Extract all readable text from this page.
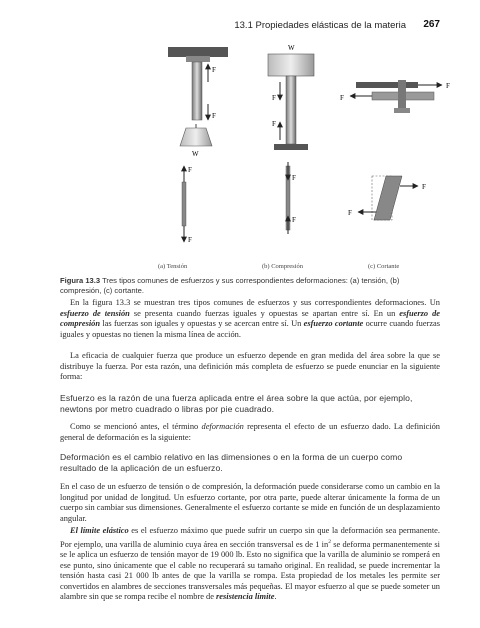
13.1 Propiedades elásticas de la materia 267
F
F
W
W
F
F
F
F
F
F
F
F
F
F
(a) Tensión	(b) Compresión	(c) Cortante
Figura 13.3 Tres tipos comunes de esfuerzos y sus correspondientes deformaciones: (a) tensión, (b) compresión, (c) cortante.
En la figura 13.3 se muestran tres tipos comunes de esfuerzos y sus correspondientes deformaciones. Un esfuerzo de tensión se presenta cuando fuerzas iguales y opuestas se apartan entre sí. En un esfuerzo de compresión las fuerzas son iguales y opuestas y se acercan entre sí. Un esfuerzo cortante ocurre cuando fuerzas iguales y opuestas no tienen la misma línea de acción.
La eficacia de cualquier fuerza que produce un esfuerzo depende en gran medida del área sobre la que se distribuye la fuerza. Por esta razón, una definición más completa de esfuerzo se puede enunciar en la siguiente forma:
Esfuerzo es la razón de una fuerza aplicada entre el área sobre la que actúa, por ejemplo, newtons por metro cuadrado o libras por pie cuadrado.
Como se mencionó antes, el término deformación representa el efecto de un esfuerzo dado. La definición general de deformación es la siguiente:
Deformación es el cambio relativo en las dimensiones o en la forma de un cuerpo como resultado de la aplicación de un esfuerzo.
En el caso de un esfuerzo de tensión o de compresión, la deformación puede considerarse como un cambio en la longitud por unidad de longitud. Un esfuerzo cortante, por otra parte, puede alterar únicamente la forma de un cuerpo sin cambiar sus dimensiones. Generalmente el esfuerzo cortante se mide en función de un desplazamiento angular.
El límite elástico es el esfuerzo máximo que puede sufrir un cuerpo sin que la deformación sea permanente. Por ejemplo, una varilla de aluminio cuya área en sección transversal es de 1 $in^2$ se deforma permanentemente si se le aplica un esfuerzo de tensión mayor de 19 000 lb. Esto no significa que la varilla de aluminio se romperá en ese punto, sino únicamente que el cable no recuperará su tamaño original. En realidad, se puede incrementar la tensión hasta casi 21 000 lb antes de que la varilla se rompa. Esta propiedad de los metales les permite ser convertidos en alambres de secciones transversales más pequeñas. El mayor esfuerzo al que se puede someter un alambre sin que se rompa recibe el nombre de resistencia límite.
